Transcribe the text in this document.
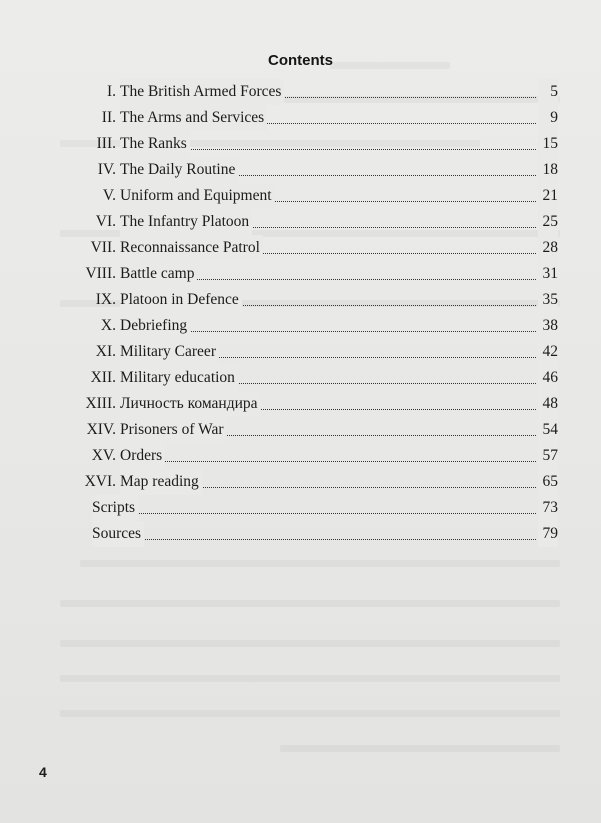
Contents
I. The British Armed Forces	5
II. The Arms and Services	9
III. The Ranks	15
IV. The Daily Routine	18
V. Uniform and Equipment	21
VI. The Infantry Platoon	25
VII. Reconnaissance Patrol	28
VIII. Battle camp	31
IX. Platoon in Defence	35
X. Debriefing	38
XI. Military Career	42
XII. Military education	46
XIII. Личность командира	48
XIV. Prisoners of War	54
XV. Orders	57
XVI. Map reading	65
Scripts	73
Sources	79
4
